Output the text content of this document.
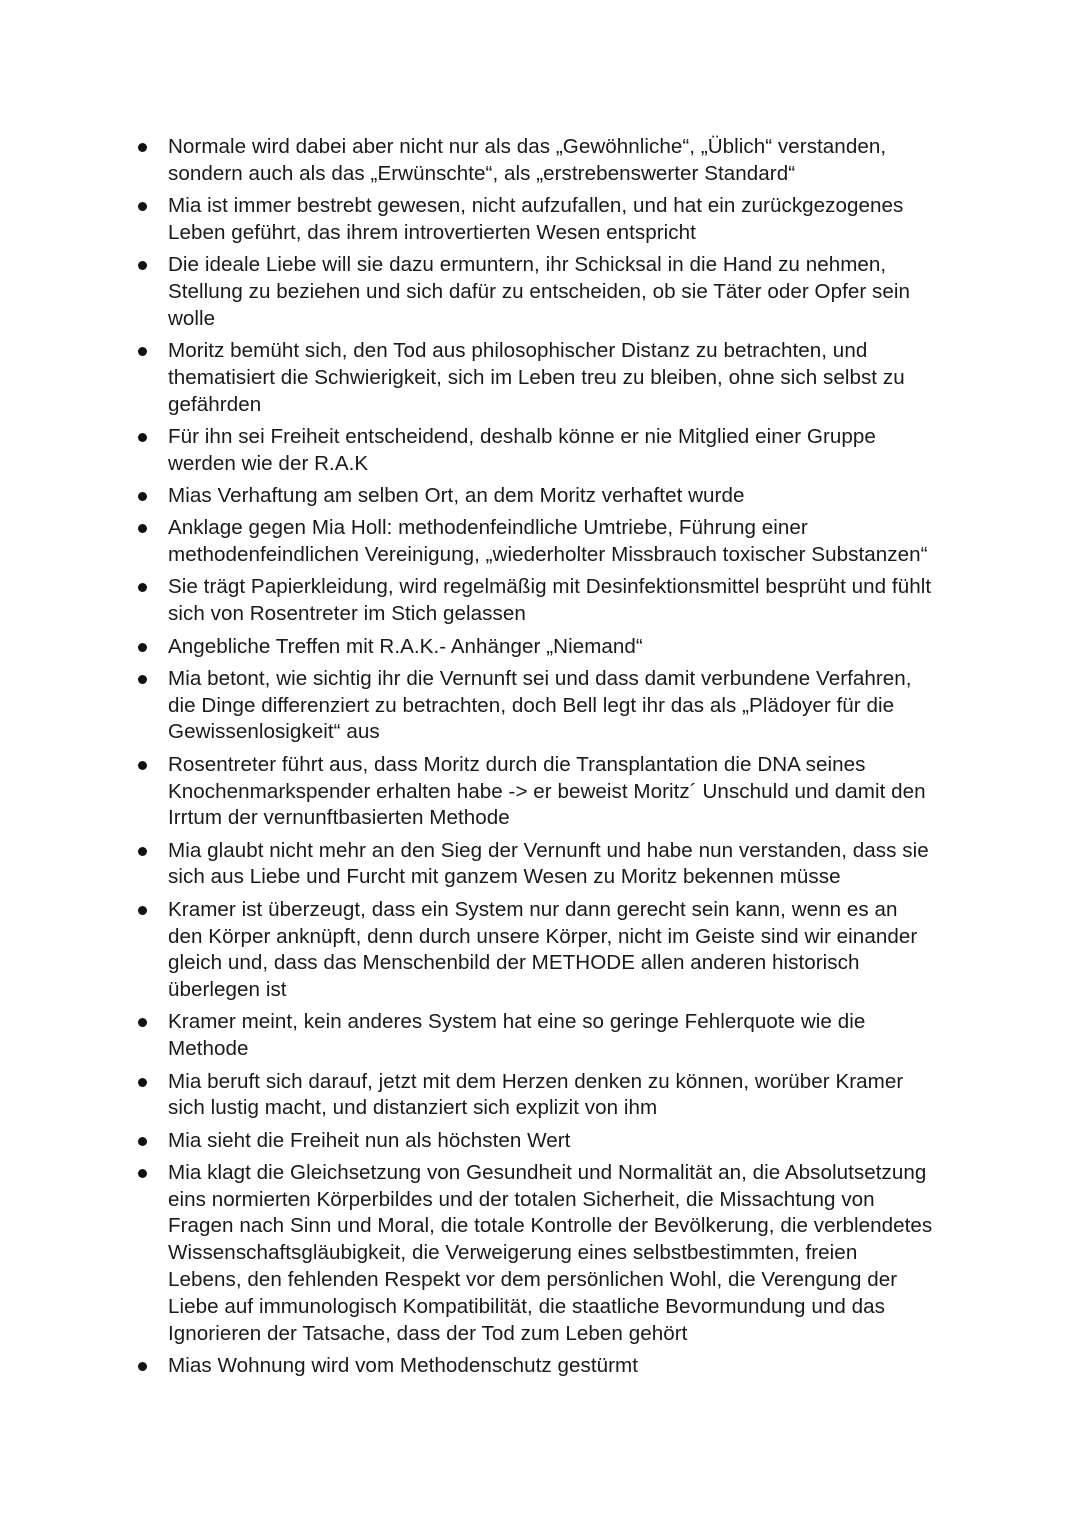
Normale wird dabei aber nicht nur als das „Gewöhnliche“, „Üblich“ verstanden,
sondern auch als das „Erwünschte“, als „erstrebenswerter Standard“
Mia ist immer bestrebt gewesen, nicht aufzufallen, und hat ein zurückgezogenes
Leben geführt, das ihrem introvertierten Wesen entspricht
Die ideale Liebe will sie dazu ermuntern, ihr Schicksal in die Hand zu nehmen,
Stellung zu beziehen und sich dafür zu entscheiden, ob sie Täter oder Opfer sein
wolle
Moritz bemüht sich, den Tod aus philosophischer Distanz zu betrachten, und
thematisiert die Schwierigkeit, sich im Leben treu zu bleiben, ohne sich selbst zu
gefährden
Für ihn sei Freiheit entscheidend, deshalb könne er nie Mitglied einer Gruppe
werden wie der R.A.K
Mias Verhaftung am selben Ort, an dem Moritz verhaftet wurde
Anklage gegen Mia Holl: methodenfeindliche Umtriebe, Führung einer
methodenfeindlichen Vereinigung, „wiederholter Missbrauch toxischer Substanzen“
Sie trägt Papierkleidung, wird regelmäßig mit Desinfektionsmittel besprüht und fühlt
sich von Rosentreter im Stich gelassen
Angebliche Treffen mit R.A.K.- Anhänger „Niemand“
Mia betont, wie sichtig ihr die Vernunft sei und dass damit verbundene Verfahren,
die Dinge differenziert zu betrachten, doch Bell legt ihr das als „Plädoyer für die
Gewissenlosigkeit“ aus
Rosentreter führt aus, dass Moritz durch die Transplantation die DNA seines
Knochenmarkspender erhalten habe -> er beweist Moritz´ Unschuld und damit den
Irrtum der vernunftbasierten Methode
Mia glaubt nicht mehr an den Sieg der Vernunft und habe nun verstanden, dass sie
sich aus Liebe und Furcht mit ganzem Wesen zu Moritz bekennen müsse
Kramer ist überzeugt, dass ein System nur dann gerecht sein kann, wenn es an
den Körper anknüpft, denn durch unsere Körper, nicht im Geiste sind wir einander
gleich und, dass das Menschenbild der METHODE allen anderen historisch
überlegen ist
Kramer meint, kein anderes System hat eine so geringe Fehlerquote wie die
Methode
Mia beruft sich darauf, jetzt mit dem Herzen denken zu können, worüber Kramer
sich lustig macht, und distanziert sich explizit von ihm
Mia sieht die Freiheit nun als höchsten Wert
Mia klagt die Gleichsetzung von Gesundheit und Normalität an, die Absolutsetzung
eins normierten Körperbildes und der totalen Sicherheit, die Missachtung von
Fragen nach Sinn und Moral, die totale Kontrolle der Bevölkerung, die verblendetes
Wissenschaftsgläubigkeit, die Verweigerung eines selbstbestimmten, freien
Lebens, den fehlenden Respekt vor dem persönlichen Wohl, die Verengung der
Liebe auf immunologisch Kompatibilität, die staatliche Bevormundung und das
Ignorieren der Tatsache, dass der Tod zum Leben gehört
Mias Wohnung wird vom Methodenschutz gestürmt
